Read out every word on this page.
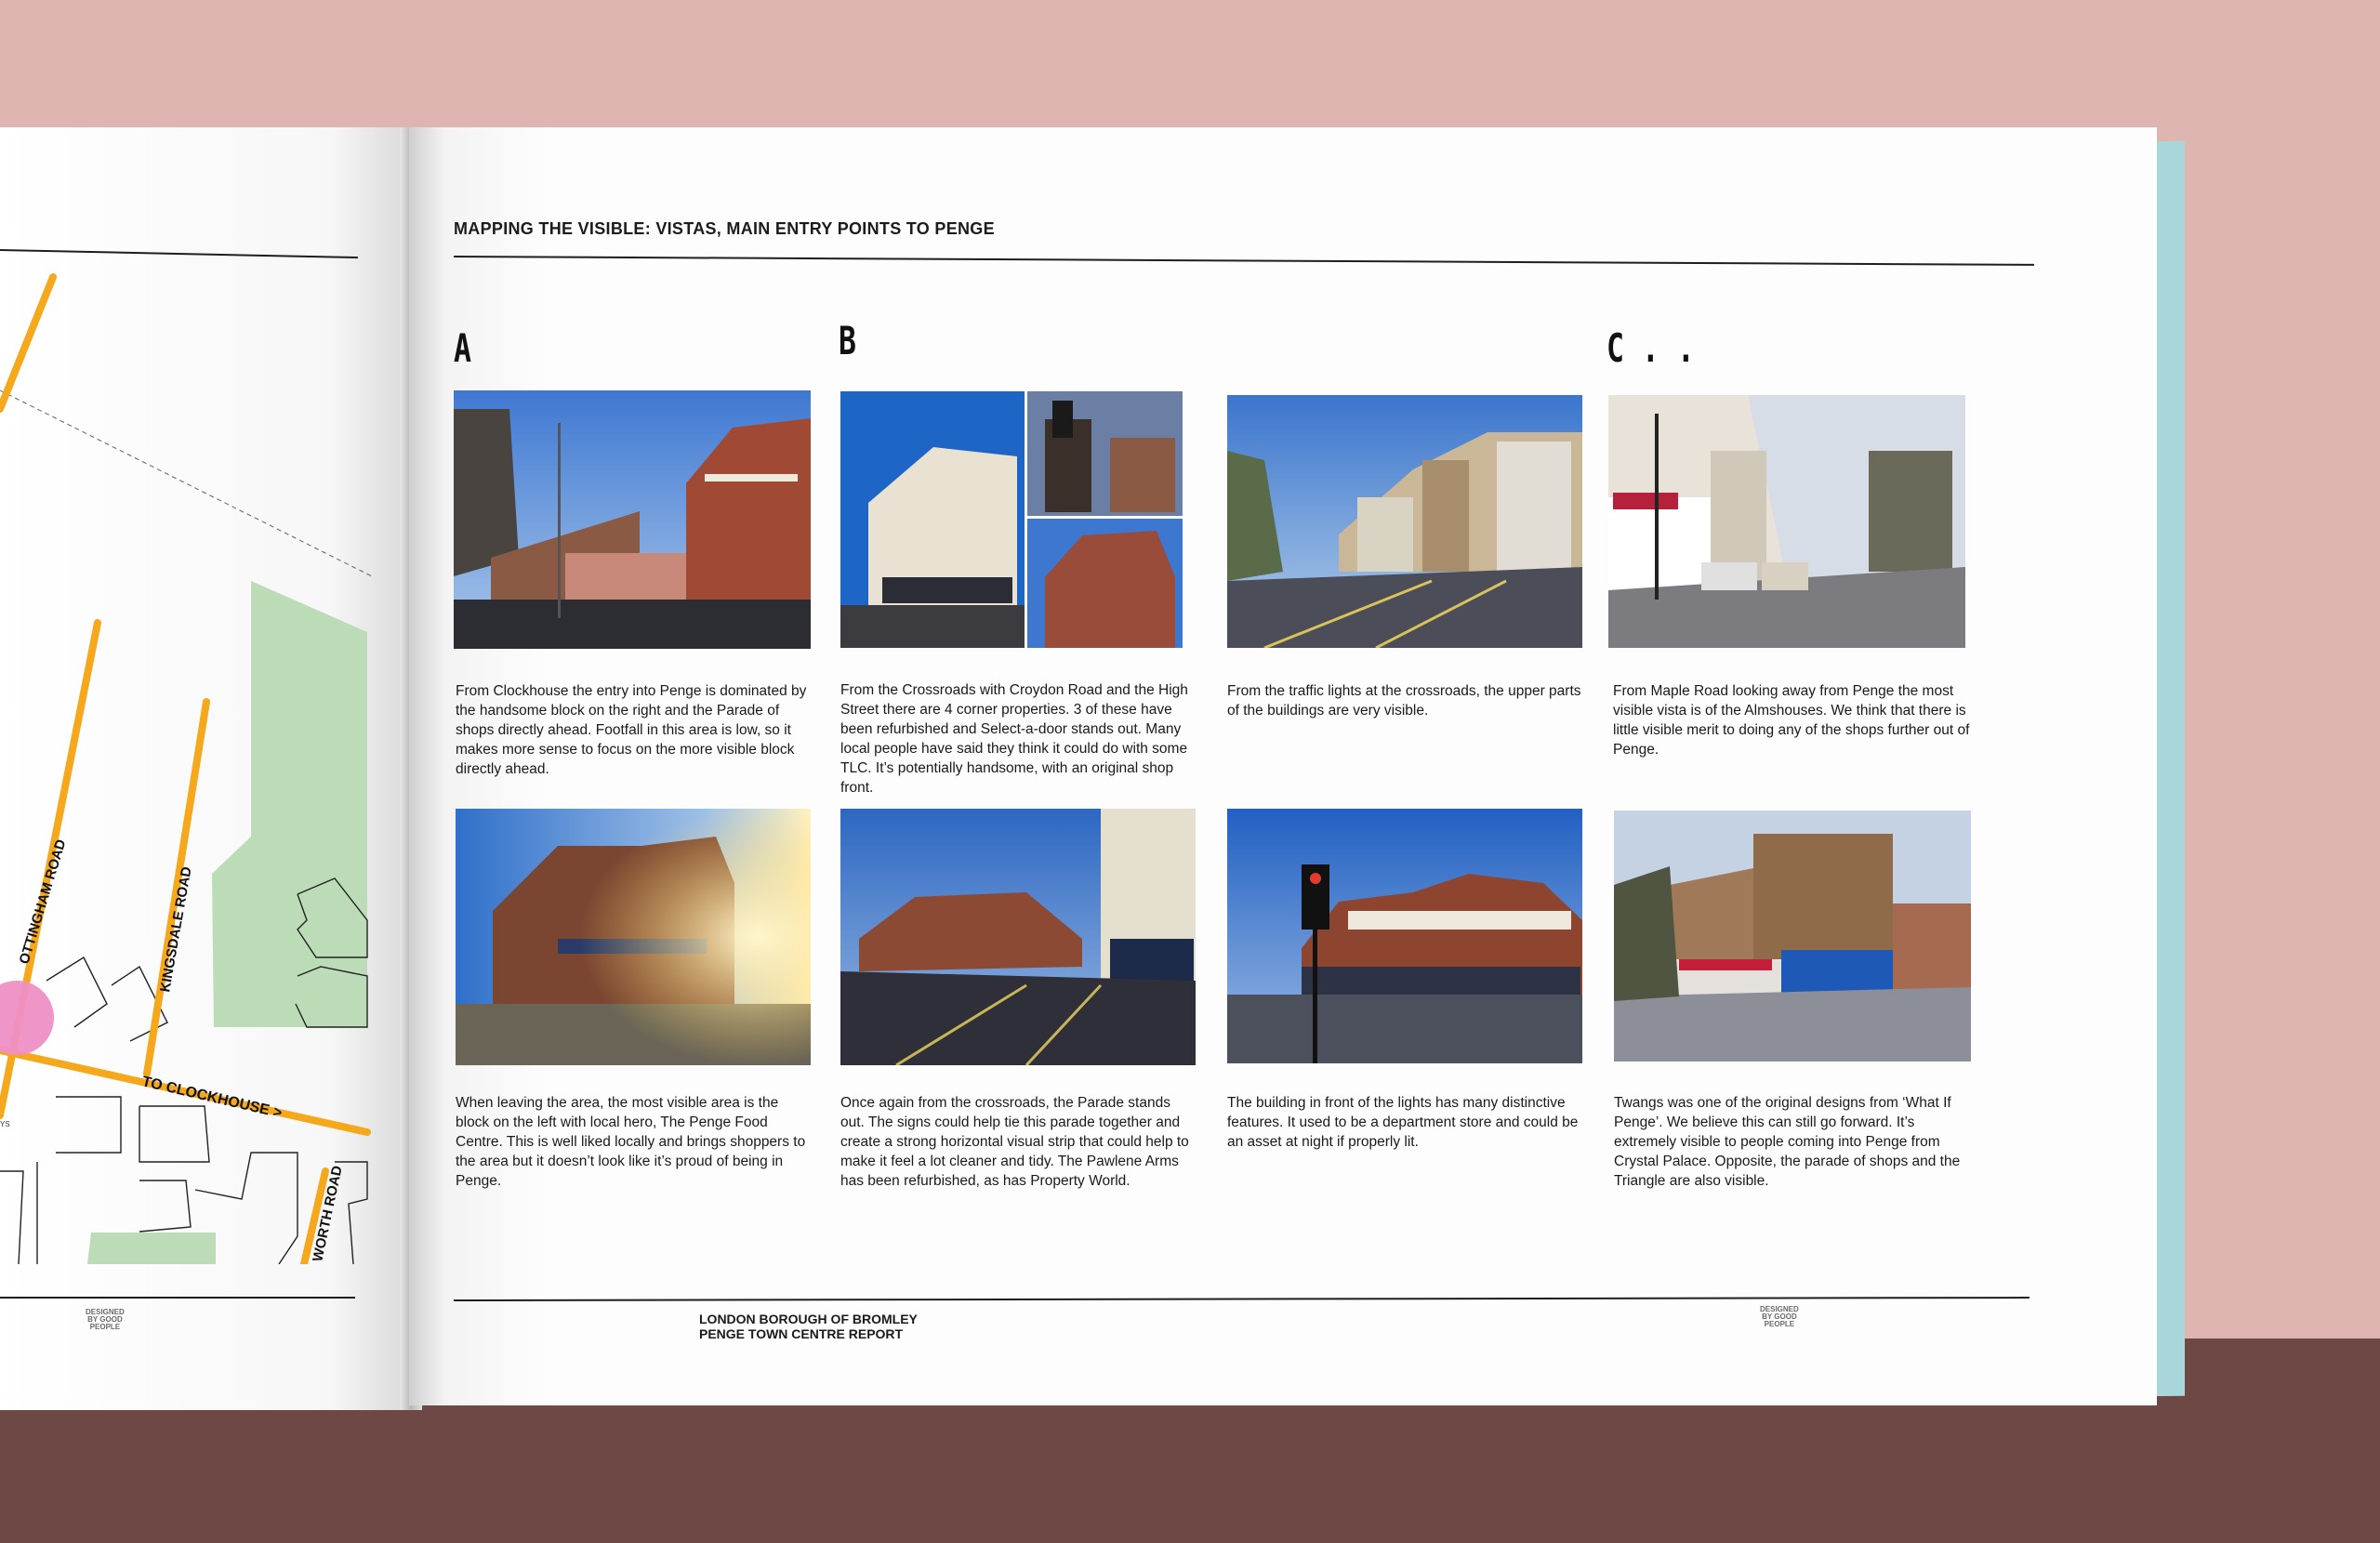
OTTINGHAM ROAD	KINGSDALE ROAD
TO CLOCKHOUSE >
WORTH ROAD
YS
DESIGNED
BY GOOD
PEOPLE
MAPPING THE VISIBLE: VISTAS, MAIN ENTRY POINTS TO PENGE
A	B	C . .
From Clockhouse the entry into Penge is dominated by the handsome block on the right and the Parade of shops directly ahead. Footfall in this area is low, so it makes more sense to focus on the more visible block directly ahead.
From the Crossroads with Croydon Road and the High Street there are 4 corner properties. 3 of these have been refurbished and Select-a-door stands out. Many local people have said they think it could do with some TLC. It’s potentially handsome, with an original shop front.
From the traffic lights at the crossroads, the upper parts of the buildings are very visible.
From Maple Road looking away from Penge the most visible vista is of the Almshouses. We think that there is little visible merit to doing any of the shops further out of Penge.
When leaving the area, the most visible area is the block on the left with local hero, The Penge Food Centre. This is well liked locally and brings shoppers to the area but it doesn’t look like it’s proud of being in Penge.
Once again from the crossroads, the Parade stands out. The signs could help tie this parade together and create a strong horizontal visual strip that could help to make it feel a lot cleaner and tidy. The Pawlene Arms has been refurbished, as has Property World.
The building in front of the lights has many distinctive features. It used to be a department store and could be an asset at night if properly lit.
Twangs was one of the original designs from ‘What If Penge’. We believe this can still go forward. It’s extremely visible to people coming into Penge from Crystal Palace. Opposite, the parade of shops and the Triangle are also visible.
LONDON BOROUGH OF BROMLEY
PENGE TOWN CENTRE REPORT
DESIGNED
BY GOOD
PEOPLE
